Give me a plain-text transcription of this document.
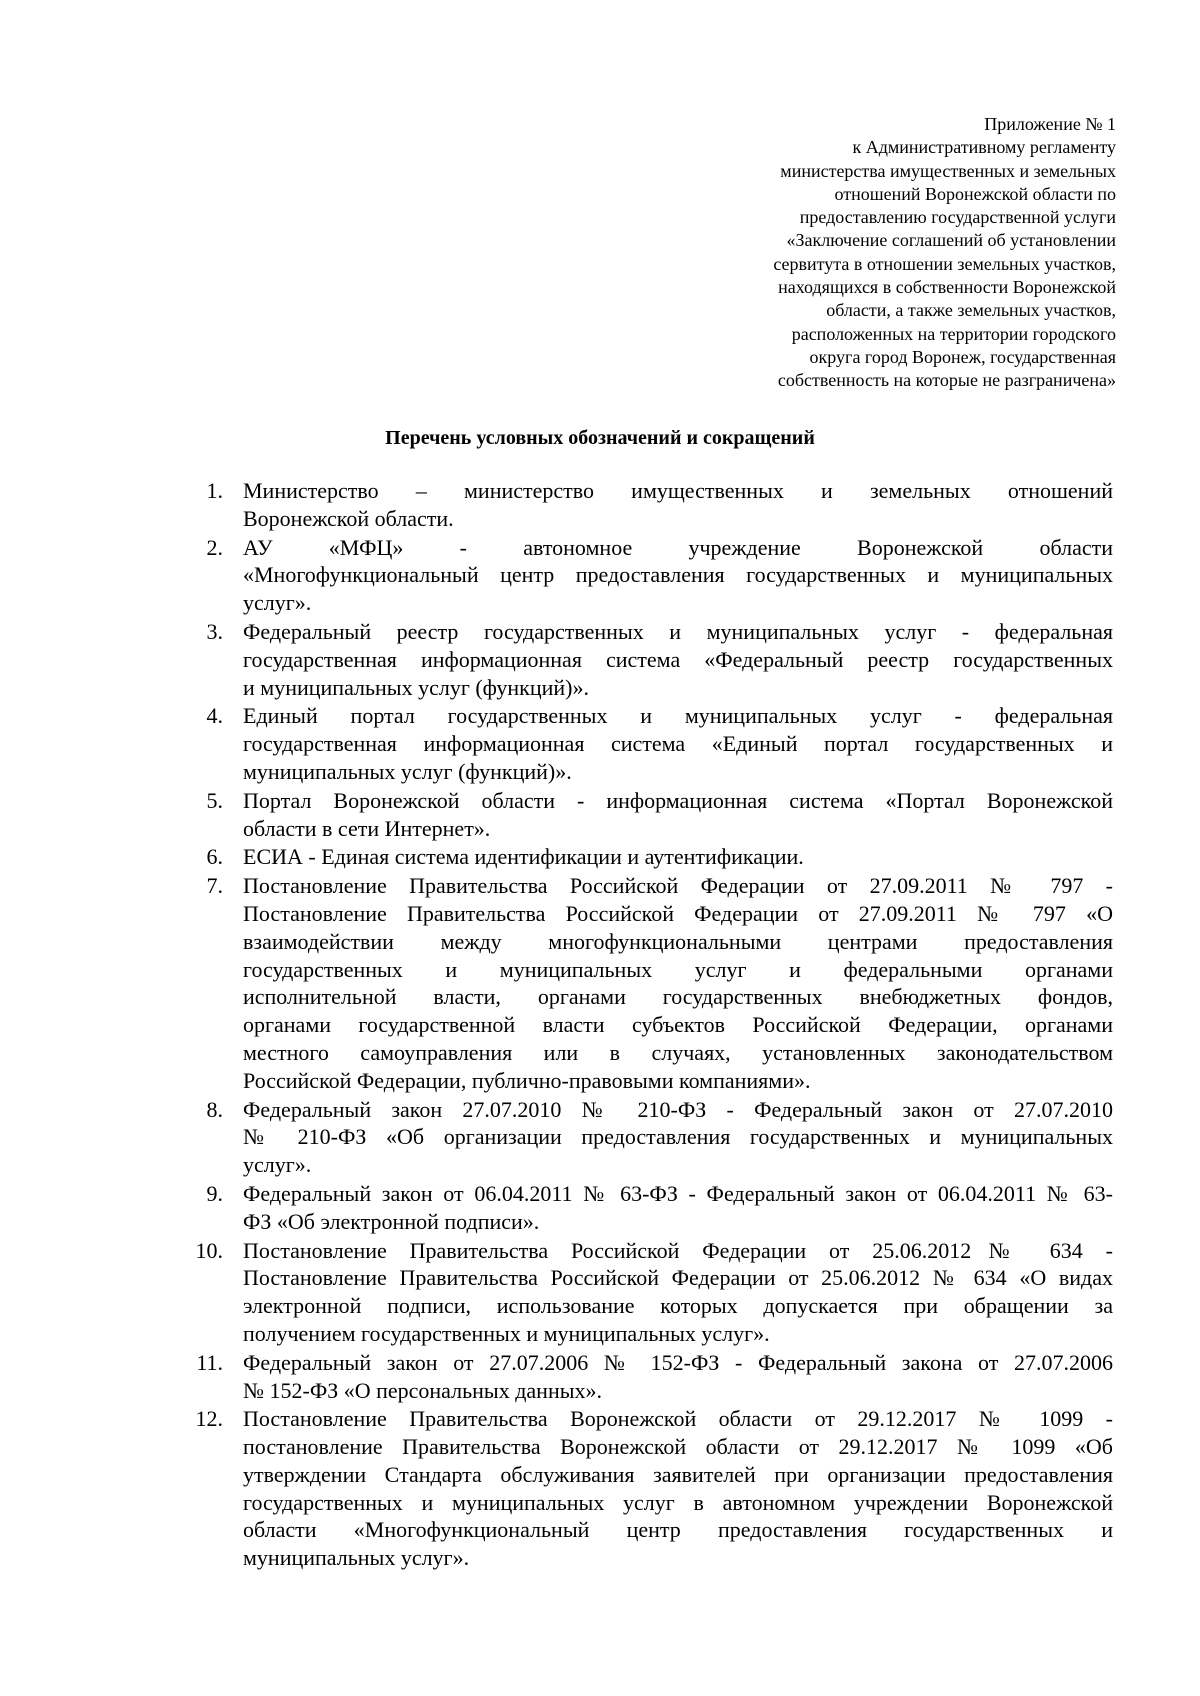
Приложение № 1
к Административному регламенту
министерства имущественных и земельных
отношений Воронежской области по
предоставлению государственной услуги
«Заключение соглашений об установлении
сервитута в отношении земельных участков,
находящихся в собственности Воронежской
области, а также земельных участков,
расположенных на территории городского
округа город Воронеж, государственная
собственность на которые не разграничена»
Перечень условных обозначений и сокращений
1. Министерство – министерство имущественных и земельных отношений
Воронежской области.
2. АУ «МФЦ» - автономное учреждение Воронежской области
«Многофункциональный центр предоставления государственных и муниципальных
услуг».
3. Федеральный реестр государственных и муниципальных услуг - федеральная
государственная информационная система «Федеральный реестр государственных
и муниципальных услуг (функций)».
4. Единый портал государственных и муниципальных услуг - федеральная
государственная информационная система «Единый портал государственных и
муниципальных услуг (функций)».
5. Портал Воронежской области - информационная система «Портал Воронежской
области в сети Интернет».
6. ЕСИА - Единая система идентификации и аутентификации.
7. Постановление Правительства Российской Федерации от 27.09.2011 № 797 -
Постановление Правительства Российской Федерации от 27.09.2011 № 797 «О
взаимодействии между многофункциональными центрами предоставления
государственных и муниципальных услуг и федеральными органами
исполнительной власти, органами государственных внебюджетных фондов,
органами государственной власти субъектов Российской Федерации, органами
местного самоуправления или в случаях, установленных законодательством
Российской Федерации, публично-правовыми компаниями».
8. Федеральный закон 27.07.2010 № 210-ФЗ - Федеральный закон от 27.07.2010
№ 210-ФЗ «Об организации предоставления государственных и муниципальных
услуг».
9. Федеральный закон от 06.04.2011 № 63-ФЗ - Федеральный закон от 06.04.2011 № 63-
ФЗ «Об электронной подписи».
10. Постановление Правительства Российской Федерации от 25.06.2012№ 634 -
Постановление Правительства Российской Федерации от 25.06.2012 № 634 «О видах
электронной подписи, использование которых допускается при обращении за
получением государственных и муниципальных услуг».
11. Федеральный закон от 27.07.2006 № 152-ФЗ - Федеральный закона от 27.07.2006
№ 152-ФЗ «О персональных данных».
12. Постановление Правительства Воронежской области от 29.12.2017 № 1099 -
постановление Правительства Воронежской области от 29.12.2017 № 1099 «Об
утверждении Стандарта обслуживания заявителей при организации предоставления
государственных и муниципальных услуг в автономном учреждении Воронежской
области «Многофункциональный центр предоставления государственных и
муниципальных услуг».
